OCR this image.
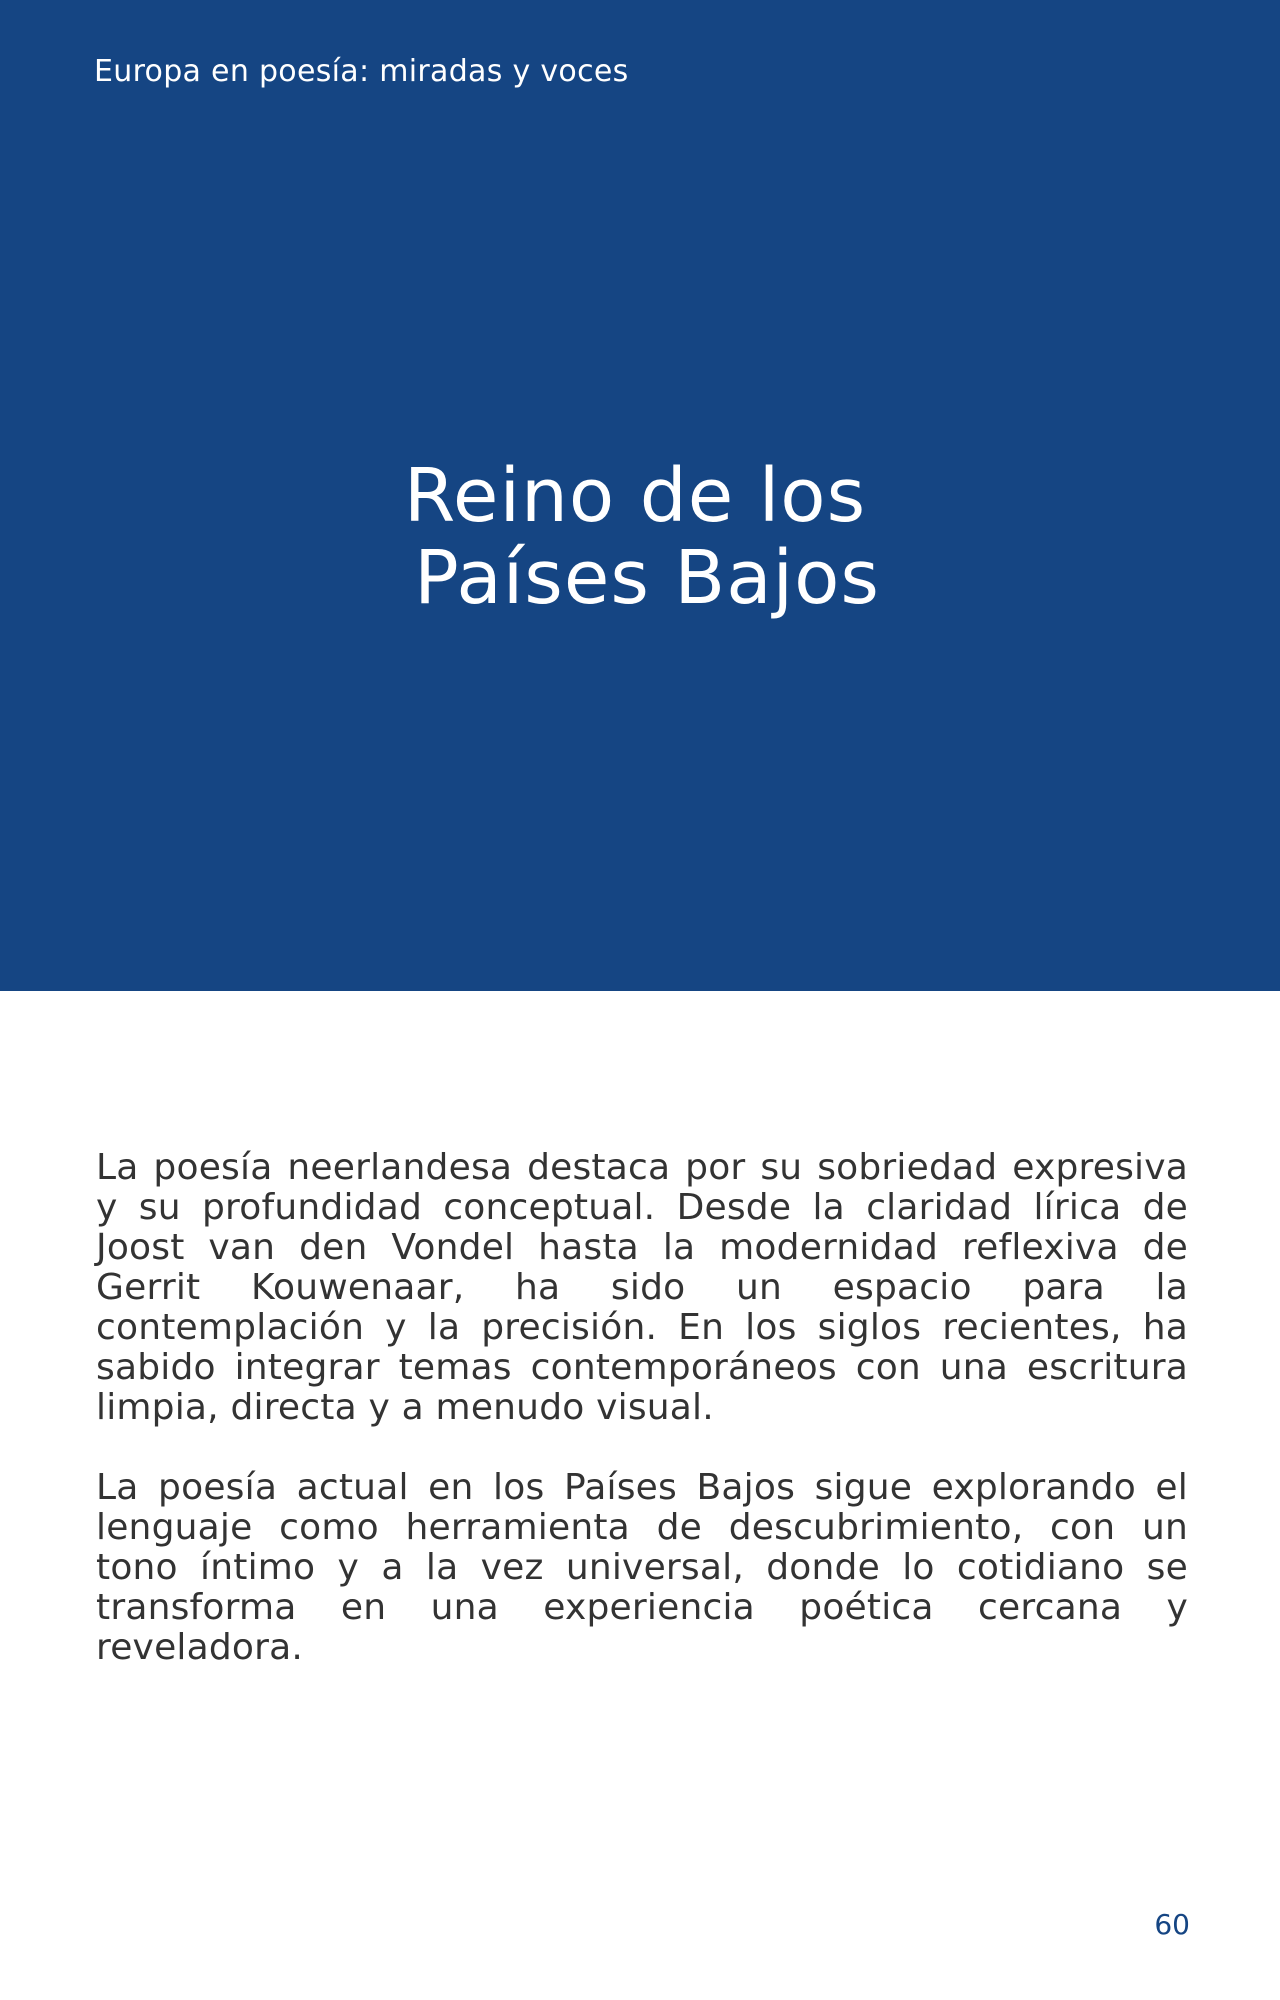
Europa en poesía: miradas y voces

Reino de los
Países Bajos

La poesía neerlandesa destaca por su sobriedad expresiva y su profundidad conceptual. Desde la claridad lírica de Joost van den Vondel hasta la modernidad reflexiva de Gerrit Kouwenaar, ha sido un espacio para la contemplación y la precisión. En los siglos recientes, ha sabido integrar temas contemporáneos con una escritura limpia, directa y a menudo visual.

La poesía actual en los Países Bajos sigue explorando el lenguaje como herramienta de descubrimiento, con un tono íntimo y a la vez universal, donde lo cotidiano se transforma en una experiencia poética cercana y reveladora.

60
